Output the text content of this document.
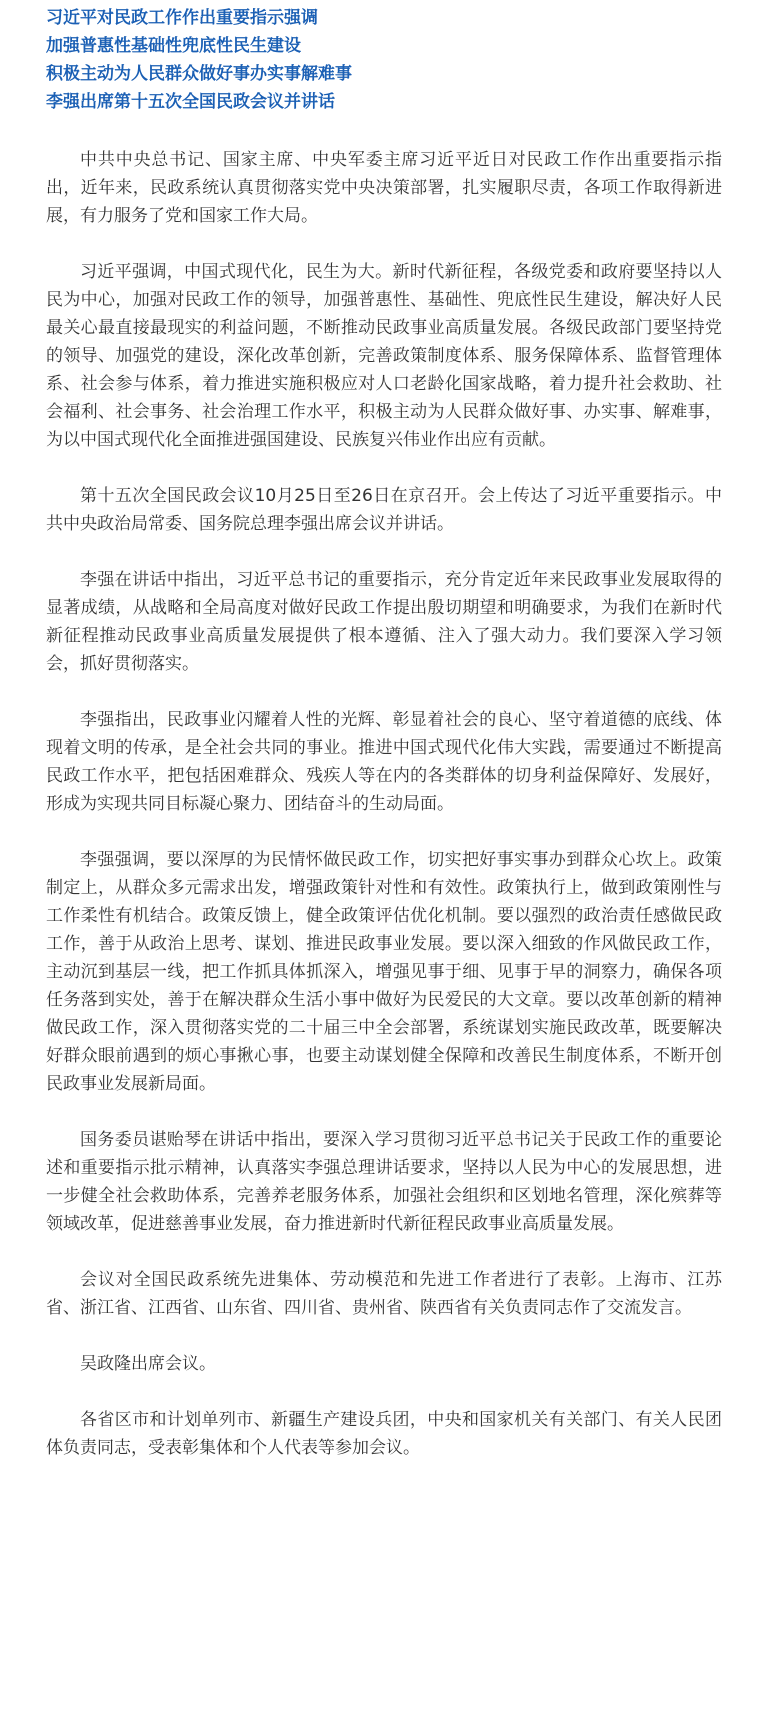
习近平对民政工作作出重要指示强调

加强普惠性基础性兜底性民生建设

积极主动为人民群众做好事办实事解难事

李强出席第十五次全国民政会议并讲话

中共中央总书记、国家主席、中央军委主席习近平近日对民政工作作出重要指示指出，近年来，民政系统认真贯彻落实党中央决策部署，扎实履职尽责，各项工作取得新进展，有力服务了党和国家工作大局。

习近平强调，中国式现代化，民生为大。新时代新征程，各级党委和政府要坚持以人民为中心，加强对民政工作的领导，加强普惠性、基础性、兜底性民生建设，解决好人民最关心最直接最现实的利益问题，不断推动民政事业高质量发展。各级民政部门要坚持党的领导、加强党的建设，深化改革创新，完善政策制度体系、服务保障体系、监督管理体系、社会参与体系，着力推进实施积极应对人口老龄化国家战略，着力提升社会救助、社会福利、社会事务、社会治理工作水平，积极主动为人民群众做好事、办实事、解难事，为以中国式现代化全面推进强国建设、民族复兴伟业作出应有贡献。

第十五次全国民政会议10月25日至26日在京召开。会上传达了习近平重要指示。中共中央政治局常委、国务院总理李强出席会议并讲话。

李强在讲话中指出，习近平总书记的重要指示，充分肯定近年来民政事业发展取得的显著成绩，从战略和全局高度对做好民政工作提出殷切期望和明确要求，为我们在新时代新征程推动民政事业高质量发展提供了根本遵循、注入了强大动力。我们要深入学习领会，抓好贯彻落实。

李强指出，民政事业闪耀着人性的光辉、彰显着社会的良心、坚守着道德的底线、体现着文明的传承，是全社会共同的事业。推进中国式现代化伟大实践，需要通过不断提高民政工作水平，把包括困难群众、残疾人等在内的各类群体的切身利益保障好、发展好，形成为实现共同目标凝心聚力、团结奋斗的生动局面。

李强强调，要以深厚的为民情怀做民政工作，切实把好事实事办到群众心坎上。政策制定上，从群众多元需求出发，增强政策针对性和有效性。政策执行上，做到政策刚性与工作柔性有机结合。政策反馈上，健全政策评估优化机制。要以强烈的政治责任感做民政工作，善于从政治上思考、谋划、推进民政事业发展。要以深入细致的作风做民政工作，主动沉到基层一线，把工作抓具体抓深入，增强见事于细、见事于早的洞察力，确保各项任务落到实处，善于在解决群众生活小事中做好为民爱民的大文章。要以改革创新的精神做民政工作，深入贯彻落实党的二十届三中全会部署，系统谋划实施民政改革，既要解决好群众眼前遇到的烦心事揪心事，也要主动谋划健全保障和改善民生制度体系，不断开创民政事业发展新局面。

国务委员谌贻琴在讲话中指出，要深入学习贯彻习近平总书记关于民政工作的重要论述和重要指示批示精神，认真落实李强总理讲话要求，坚持以人民为中心的发展思想，进一步健全社会救助体系，完善养老服务体系，加强社会组织和区划地名管理，深化殡葬等领域改革，促进慈善事业发展，奋力推进新时代新征程民政事业高质量发展。

会议对全国民政系统先进集体、劳动模范和先进工作者进行了表彰。上海市、江苏省、浙江省、江西省、山东省、四川省、贵州省、陕西省有关负责同志作了交流发言。

吴政隆出席会议。

各省区市和计划单列市、新疆生产建设兵团，中央和国家机关有关部门、有关人民团体负责同志，受表彰集体和个人代表等参加会议。
